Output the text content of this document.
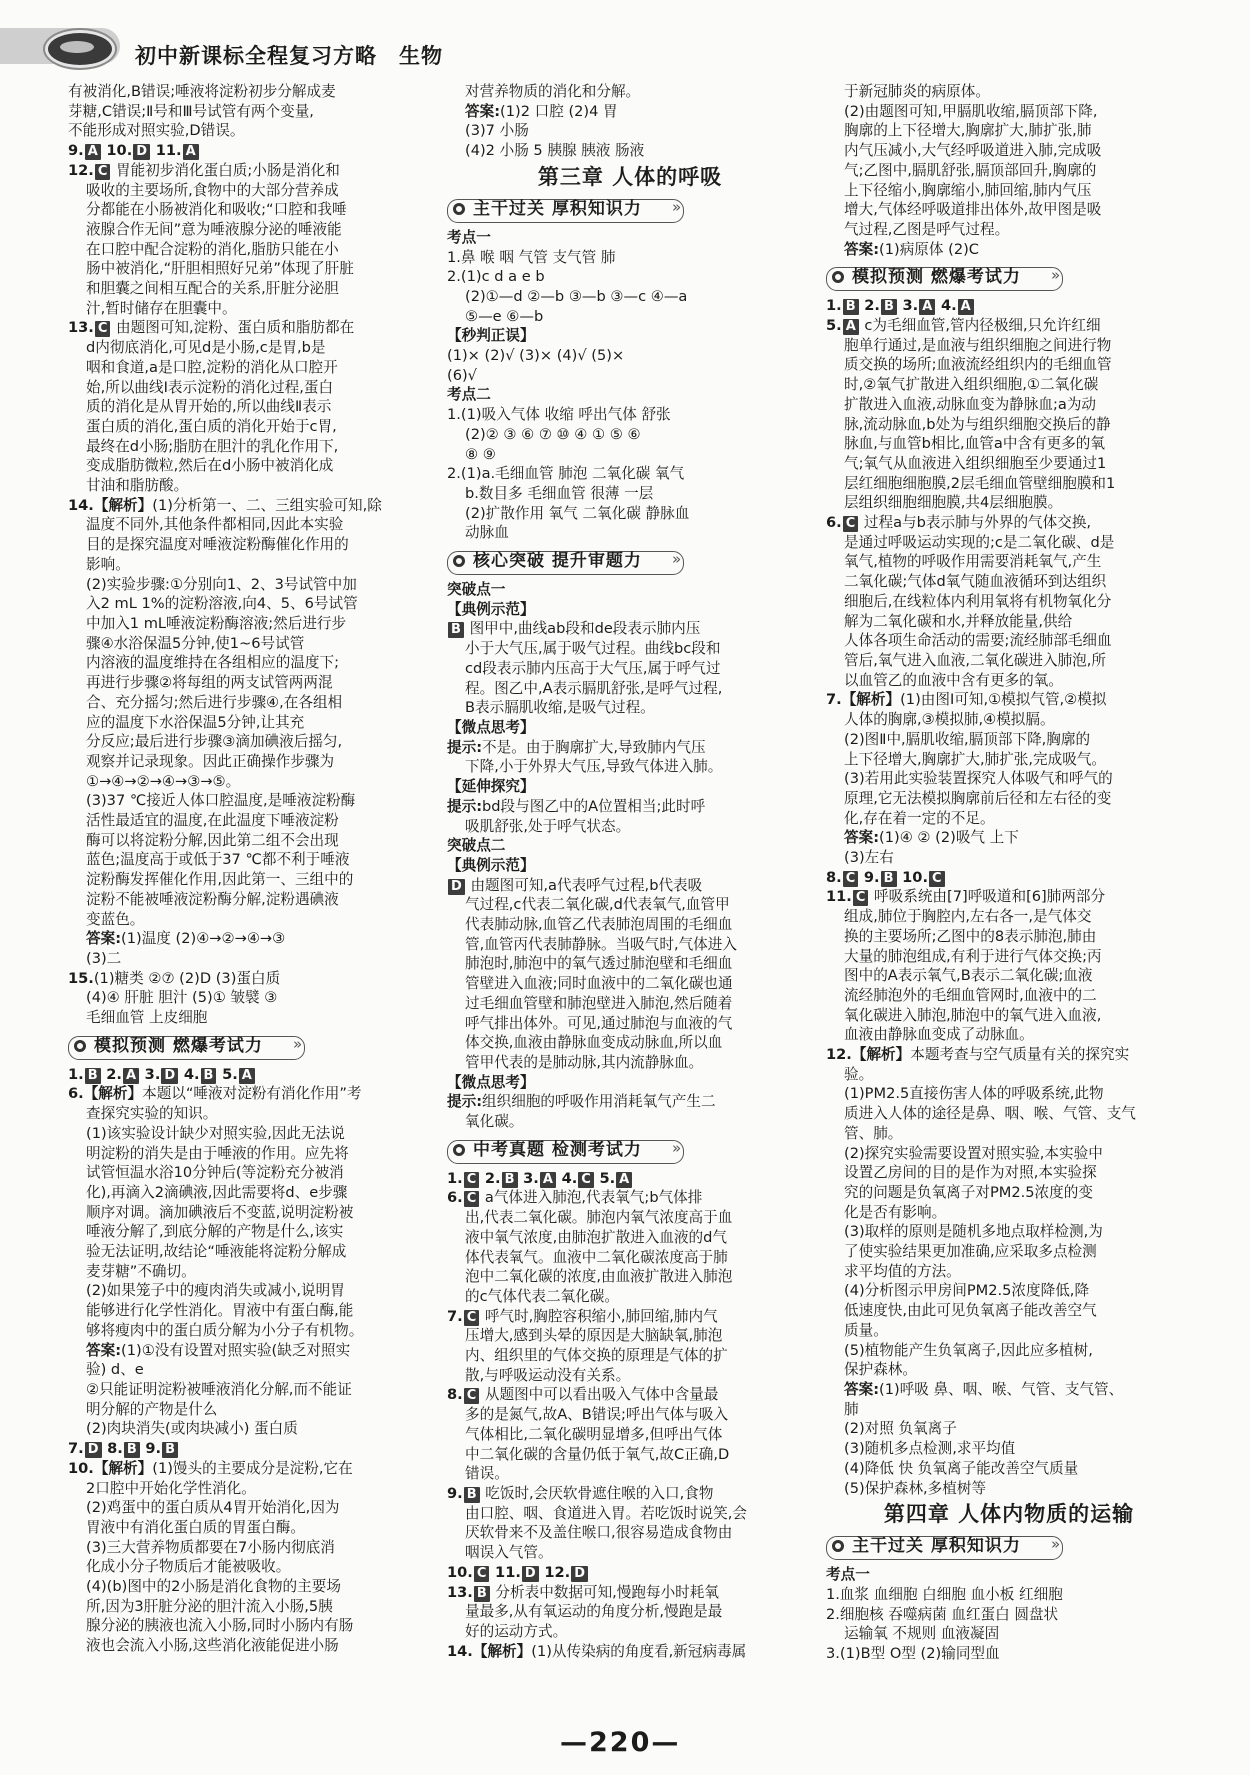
初中新课标全程复习方略 生物
有被消化,B错误;唾液将淀粉初步分解成麦
芽糖,C错误;Ⅱ号和Ⅲ号试管有两个变量,
不能形成对照实验,D错误。
9. A 10. D 11. A
12. C 胃能初步消化蛋白质;小肠是消化和
吸收的主要场所,食物中的大部分营养成
分都能在小肠被消化和吸收;“口腔和我唾
液腺合作无间”意为唾液腺分泌的唾液能
在口腔中配合淀粉的消化,脂肪只能在小
肠中被消化,“肝胆相照好兄弟”体现了肝脏
和胆囊之间相互配合的关系,肝脏分泌胆
汁,暂时储存在胆囊中。
13. C 由题图可知,淀粉、蛋白质和脂肪都在
d内彻底消化,可见d是小肠,c是胃,b是
咽和食道,a是口腔,淀粉的消化从口腔开
始,所以曲线Ⅰ表示淀粉的消化过程,蛋白
质的消化是从胃开始的,所以曲线Ⅱ表示
蛋白质的消化,蛋白质的消化开始于c胃,
最终在d小肠;脂肪在胆汁的乳化作用下,
变成脂肪微粒,然后在d小肠中被消化成
甘油和脂肪酸。
14.【解析】(1)分析第一、二、三组实验可知,除
温度不同外,其他条件都相同,因此本实验
目的是探究温度对唾液淀粉酶催化作用的
影响。
(2)实验步骤:①分别向1、2、3号试管中加
入2 mL 1%的淀粉溶液,向4、5、6号试管
中加入1 mL唾液淀粉酶溶液;然后进行步
骤④水浴保温5分钟,使1~6号试管
内溶液的温度维持在各组相应的温度下;
再进行步骤②将每组的两支试管两两混
合、充分摇匀;然后进行步骤④,在各组相
应的温度下水浴保温5分钟,让其充
分反应;最后进行步骤③滴加碘液后摇匀,
观察并记录现象。因此正确操作步骤为
①→④→②→④→③→⑤。
(3)37 ℃接近人体口腔温度,是唾液淀粉酶
活性最适宜的温度,在此温度下唾液淀粉
酶可以将淀粉分解,因此第二组不会出现
蓝色;温度高于或低于37 ℃都不利于唾液
淀粉酶发挥催化作用,因此第一、三组中的
淀粉不能被唾液淀粉酶分解,淀粉遇碘液
变蓝色。
答案:(1)温度 (2)④→②→④→③
(3)二
15.(1)糖类 ②⑦ (2)D (3)蛋白质
(4)④ 肝脏 胆汁 (5)① 皱襞 ③
毛细血管 上皮细胞
模拟预测 燃爆考试力 »
1. B 2. A 3. D 4. B 5. A
6.【解析】本题以“唾液对淀粉有消化作用”考
查探究实验的知识。
(1)该实验设计缺少对照实验,因此无法说
明淀粉的消失是由于唾液的作用。应先将
试管恒温水浴10分钟后(等淀粉充分被消
化),再滴入2滴碘液,因此需要将d、e步骤
顺序对调。滴加碘液后不变蓝,说明淀粉被
唾液分解了,到底分解的产物是什么,该实
验无法证明,故结论“唾液能将淀粉分解成
麦芽糖”不确切。
(2)如果笼子中的瘦肉消失或减小,说明胃
能够进行化学性消化。胃液中有蛋白酶,能
够将瘦肉中的蛋白质分解为小分子有机物。
答案:(1)①没有设置对照实验(缺乏对照实
验) d、e
②只能证明淀粉被唾液消化分解,而不能证
明分解的产物是什么
(2)肉块消失(或肉块减小) 蛋白质
7. D 8. B 9. B
10.【解析】(1)馒头的主要成分是淀粉,它在
2口腔中开始化学性消化。
(2)鸡蛋中的蛋白质从4胃开始消化,因为
胃液中有消化蛋白质的胃蛋白酶。
(3)三大营养物质都要在7小肠内彻底消
化成小分子物质后才能被吸收。
(4)(b)图中的2小肠是消化食物的主要场
所,因为3肝脏分泌的胆汁流入小肠,5胰
腺分泌的胰液也流入小肠,同时小肠内有肠
液也会流入小肠,这些消化液能促进小肠
对营养物质的消化和分解。
答案:(1)2 口腔 (2)4 胃
(3)7 小肠
(4)2 小肠 5 胰腺 胰液 肠液
第三章 人体的呼吸
主干过关 厚积知识力 »
考点一
1.鼻 喉 咽 气管 支气管 肺
2.(1)c d a e b
(2)①—d ②—b ③—b ③—c ④—a
⑤—e ⑥—b
【秒判正误】
(1)× (2)√ (3)× (4)√ (5)×
(6)√
考点二
1.(1)吸入气体 收缩 呼出气体 舒张
(2)② ③ ⑥ ⑦ ⑩ ④ ① ⑤ ⑥
⑧ ⑨
2.(1)a.毛细血管 肺泡 二氧化碳 氧气
b.数目多 毛细血管 很薄 一层
(2)扩散作用 氧气 二氧化碳 静脉血
动脉血
核心突破 提升审题力 »
突破点一
【典例示范】
B 图甲中,曲线ab段和de段表示肺内压
小于大气压,属于吸气过程。曲线bc段和
cd段表示肺内压高于大气压,属于呼气过
程。图乙中,A表示膈肌舒张,是呼气过程,
B表示膈肌收缩,是吸气过程。
【微点思考】
提示:不是。由于胸廓扩大,导致肺内气压
下降,小于外界大气压,导致气体进入肺。
【延伸探究】
提示:bd段与图乙中的A位置相当;此时呼
吸肌舒张,处于呼气状态。
突破点二
【典例示范】
D 由题图可知,a代表呼气过程,b代表吸
气过程,c代表二氧化碳,d代表氧气,血管甲
代表肺动脉,血管乙代表肺泡周围的毛细血
管,血管丙代表肺静脉。当吸气时,气体进入
肺泡时,肺泡中的氧气透过肺泡壁和毛细血
管壁进入血液;同时血液中的二氧化碳也通
过毛细血管壁和肺泡壁进入肺泡,然后随着
呼气排出体外。可见,通过肺泡与血液的气
体交换,血液由静脉血变成动脉血,所以血
管甲代表的是肺动脉,其内流静脉血。
【微点思考】
提示:组织细胞的呼吸作用消耗氧气产生二
氧化碳。
中考真题 检测考试力 »
1. C 2. B 3. A 4. C 5. A
6. C a气体进入肺泡,代表氧气;b气体排
出,代表二氧化碳。肺泡内氧气浓度高于血
液中氧气浓度,由肺泡扩散进入血液的d气
体代表氧气。血液中二氧化碳浓度高于肺
泡中二氧化碳的浓度,由血液扩散进入肺泡
的c气体代表二氧化碳。
7. C 呼气时,胸腔容积缩小,肺回缩,肺内气
压增大,感到头晕的原因是大脑缺氧,肺泡
内、组织里的气体交换的原理是气体的扩
散,与呼吸运动没有关系。
8. C 从题图中可以看出吸入气体中含量最
多的是氮气,故A、B错误;呼出气体与吸入
气体相比,二氧化碳明显增多,但呼出气体
中二氧化碳的含量仍低于氧气,故C正确,D
错误。
9. B 吃饭时,会厌软骨遮住喉的入口,食物
由口腔、咽、食道进入胃。若吃饭时说笑,会
厌软骨来不及盖住喉口,很容易造成食物由
咽误入气管。
10. C 11. D 12. D
13. B 分析表中数据可知,慢跑每小时耗氧
量最多,从有氧运动的角度分析,慢跑是最
好的运动方式。
14.【解析】(1)从传染病的角度看,新冠病毒属
于新冠肺炎的病原体。
(2)由题图可知,甲膈肌收缩,膈顶部下降,
胸廓的上下径增大,胸廓扩大,肺扩张,肺
内气压减小,大气经呼吸道进入肺,完成吸
气;乙图中,膈肌舒张,膈顶部回升,胸廓的
上下径缩小,胸廓缩小,肺回缩,肺内气压
增大,气体经呼吸道排出体外,故甲图是吸
气过程,乙图是呼气过程。
答案:(1)病原体 (2)C
模拟预测 燃爆考试力 »
1. B 2. B 3. A 4. A
5. A c为毛细血管,管内径极细,只允许红细
胞单行通过,是血液与组织细胞之间进行物
质交换的场所;血液流经组织内的毛细血管
时,②氧气扩散进入组织细胞,①二氧化碳
扩散进入血液,动脉血变为静脉血;a为动
脉,流动脉血,b处为与组织细胞交换后的静
脉血,与血管b相比,血管a中含有更多的氧
气;氧气从血液进入组织细胞至少要通过1
层红细胞细胞膜,2层毛细血管壁细胞膜和1
层组织细胞细胞膜,共4层细胞膜。
6. C 过程a与b表示肺与外界的气体交换,
是通过呼吸运动实现的;c是二氧化碳、d是
氧气,植物的呼吸作用需要消耗氧气,产生
二氧化碳;气体d氧气随血液循环到达组织
细胞后,在线粒体内利用氧将有机物氧化分
解为二氧化碳和水,并释放能量,供给
人体各项生命活动的需要;流经肺部毛细血
管后,氧气进入血液,二氧化碳进入肺泡,所
以血管乙的血液中含有更多的氧。
7.【解析】(1)由图Ⅰ可知,①模拟气管,②模拟
人体的胸廓,③模拟肺,④模拟膈。
(2)图Ⅱ中,膈肌收缩,膈顶部下降,胸廓的
上下径增大,胸廓扩大,肺扩张,完成吸气。
(3)若用此实验装置探究人体吸气和呼气的
原理,它无法模拟胸廓前后径和左右径的变
化,存在着一定的不足。
答案:(1)④ ② (2)吸气 上下
(3)左右
8. C 9. B 10. C
11. C 呼吸系统由[7]呼吸道和[6]肺两部分
组成,肺位于胸腔内,左右各一,是气体交
换的主要场所;乙图中的8表示肺泡,肺由
大量的肺泡组成,有利于进行气体交换;丙
图中的A表示氧气,B表示二氧化碳;血液
流经肺泡外的毛细血管网时,血液中的二
氧化碳进入肺泡,肺泡中的氧气进入血液,
血液由静脉血变成了动脉血。
12.【解析】本题考查与空气质量有关的探究实
验。
(1)PM2.5直接伤害人体的呼吸系统,此物
质进入人体的途径是鼻、咽、喉、气管、支气
管、肺。
(2)探究实验需要设置对照实验,本实验中
设置乙房间的目的是作为对照,本实验探
究的问题是负氧离子对PM2.5浓度的变
化是否有影响。
(3)取样的原则是随机多地点取样检测,为
了使实验结果更加准确,应采取多点检测
求平均值的方法。
(4)分析图示甲房间PM2.5浓度降低,降
低速度快,由此可见负氧离子能改善空气
质量。
(5)植物能产生负氧离子,因此应多植树,
保护森林。
答案:(1)呼吸 鼻、咽、喉、气管、支气管、
肺
(2)对照 负氧离子
(3)随机多点检测,求平均值
(4)降低 快 负氧离子能改善空气质量
(5)保护森林,多植树等
第四章 人体内物质的运输
主干过关 厚积知识力 »
考点一
1.血浆 血细胞 白细胞 血小板 红细胞
2.细胞核 吞噬病菌 血红蛋白 圆盘状
运输氧 不规则 血液凝固
3.(1)B型 O型 (2)输同型血
—220—
